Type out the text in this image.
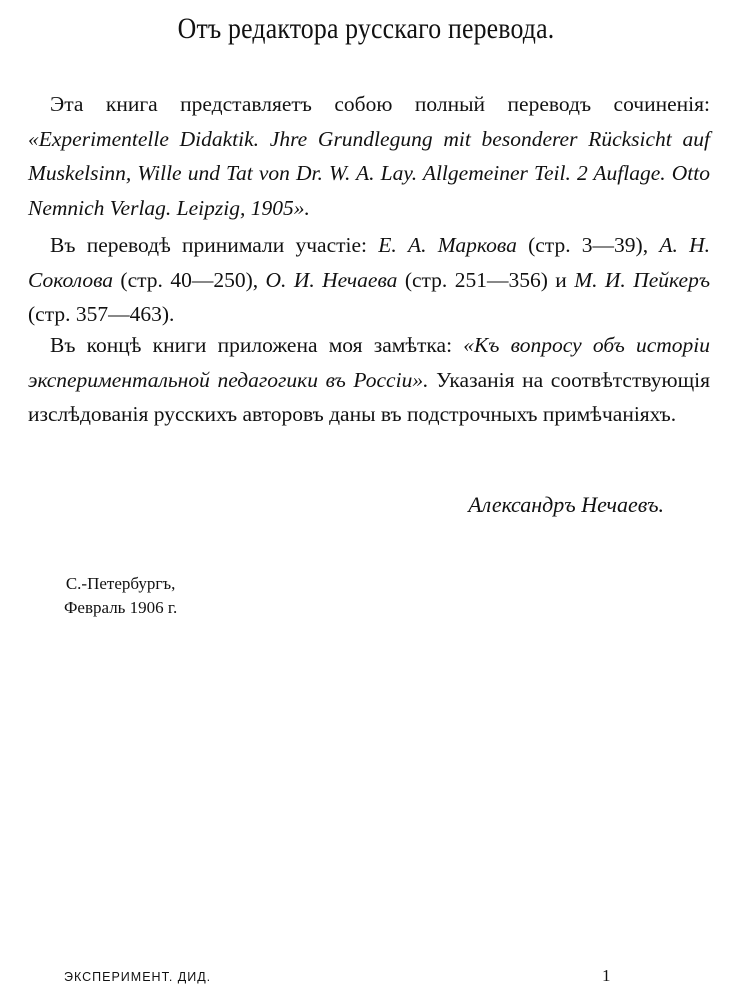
Отъ редактора русскаго перевода.

Эта книга представляетъ собою полный переводъ сочиненія: «Experimentelle Didaktik. Jhre Grundlegung mit besonderer Rücksicht auf Muskelsinn, Wille und Tat von Dr. W. A. Lay. Allgemeiner Teil. 2 Auflage. Otto Nemnich Verlag. Leipzig, 1905».

Въ переводѣ принимали участіе: Е. А. Маркова (стр. 3—39), А. Н. Соколова (стр. 40—250), О. И. Нечаева (стр. 251—356) и М. И. Пейкеръ (стр. 357—463).

Въ концѣ книги приложена моя замѣтка: «Къ вопросу объ исторіи экспериментальной педагогики въ Россіи». Указанія на соотвѣтствующія изслѣдованія русскихъ авторовъ даны въ подстрочныхъ примѣчаніяхъ.

Александръ Нечаевъ.
С.-Петербургъ,
Февраль 1906 г.
ЭКСПЕРИМЕНТ. ДИД.	1
